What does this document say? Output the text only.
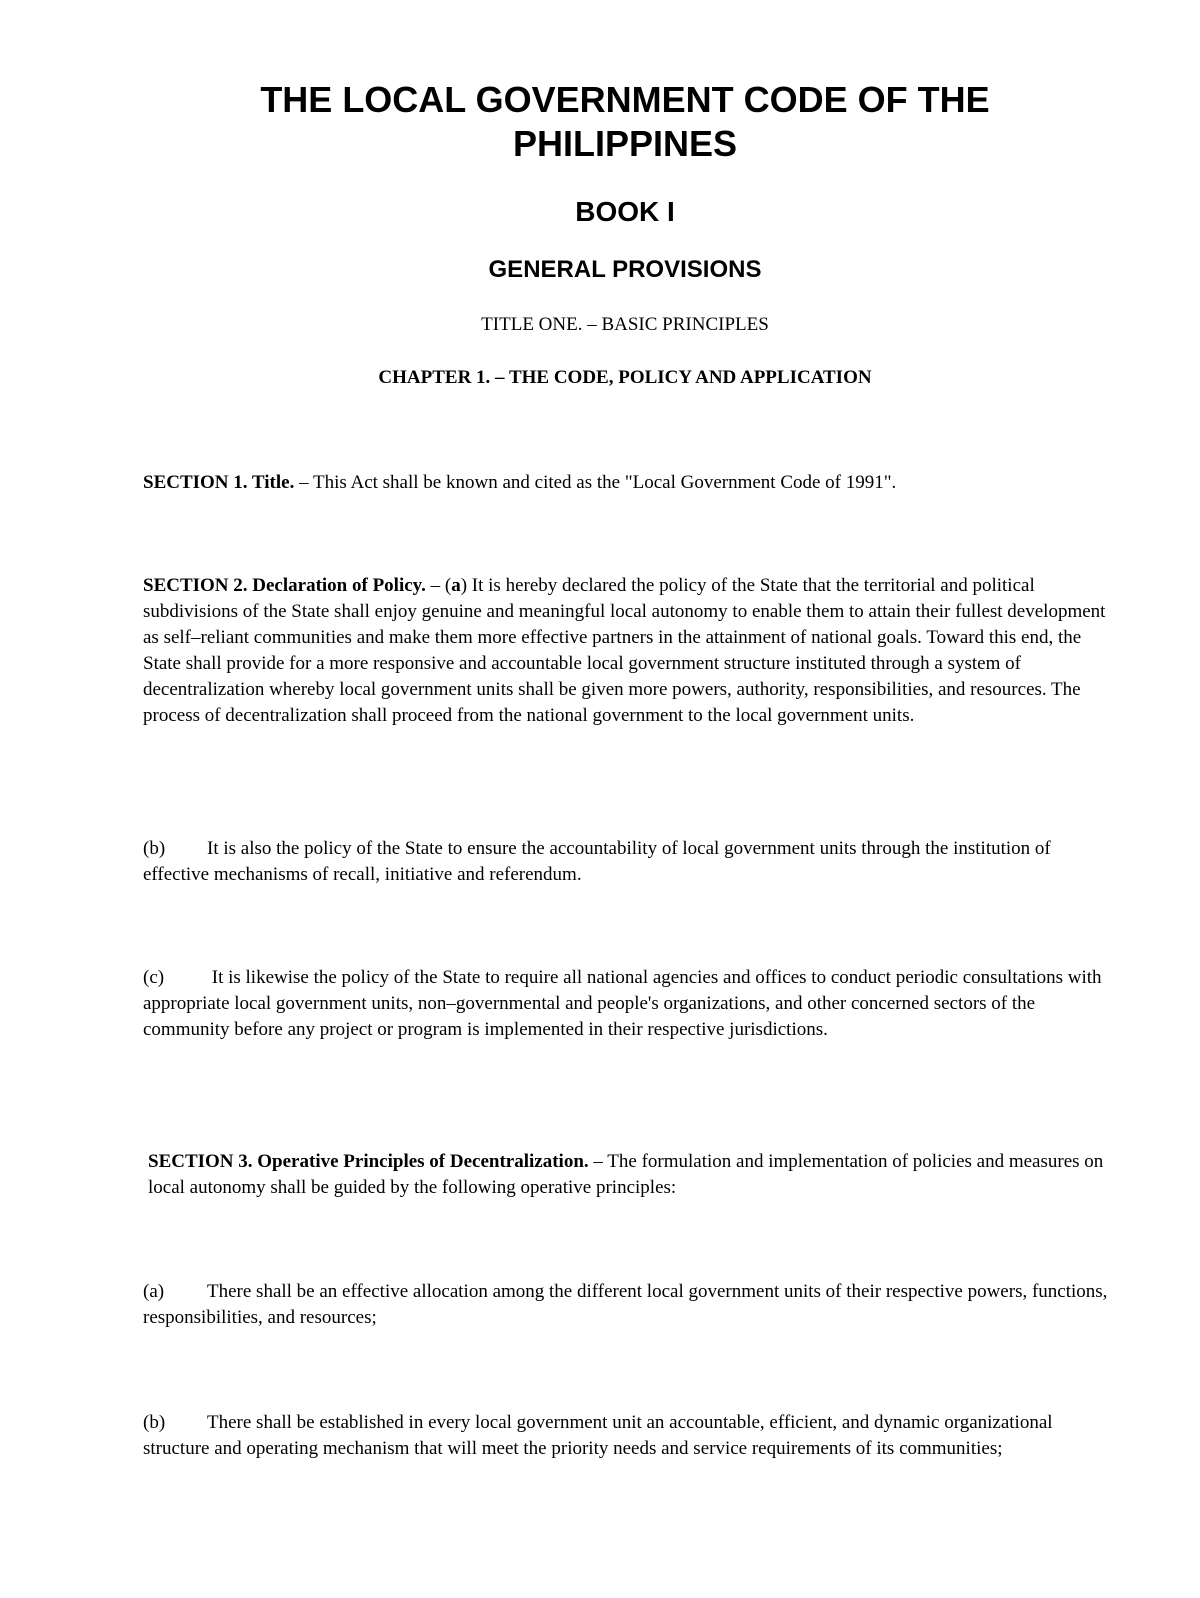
THE LOCAL GOVERNMENT CODE OF THE
PHILIPPINES
BOOK I
GENERAL PROVISIONS

TITLE ONE. – BASIC PRINCIPLES

CHAPTER 1. – THE CODE, POLICY AND APPLICATION

SECTION 1. Title. – This Act shall be known and cited as the "Local Government Code of 1991".

SECTION 2. Declaration of Policy. – (a) It is hereby declared the policy of the State that the territorial and political subdivisions of the State shall enjoy genuine and meaningful local autonomy to enable them to attain their fullest development as self–reliant communities and make them more effective partners in the attainment of national goals. Toward this end, the State shall provide for a more responsive and accountable local government structure instituted through a system of decentralization whereby local government units shall be given more powers, authority, responsibilities, and resources. The process of decentralization shall proceed from the national government to the local government units.

(b) It is also the policy of the State to ensure the accountability of local government units through the institution of effective mechanisms of recall, initiative and referendum.

(c) It is likewise the policy of the State to require all national agencies and offices to conduct periodic consultations with appropriate local government units, non–governmental and people's organizations, and other concerned sectors of the community before any project or program is implemented in their respective jurisdictions.

SECTION 3. Operative Principles of Decentralization. – The formulation and implementation of policies and measures on local autonomy shall be guided by the following operative principles:

(a) There shall be an effective allocation among the different local government units of their respective powers, functions, responsibilities, and resources;

(b) There shall be established in every local government unit an accountable, efficient, and dynamic organizational structure and operating mechanism that will meet the priority needs and service requirements of its communities;
